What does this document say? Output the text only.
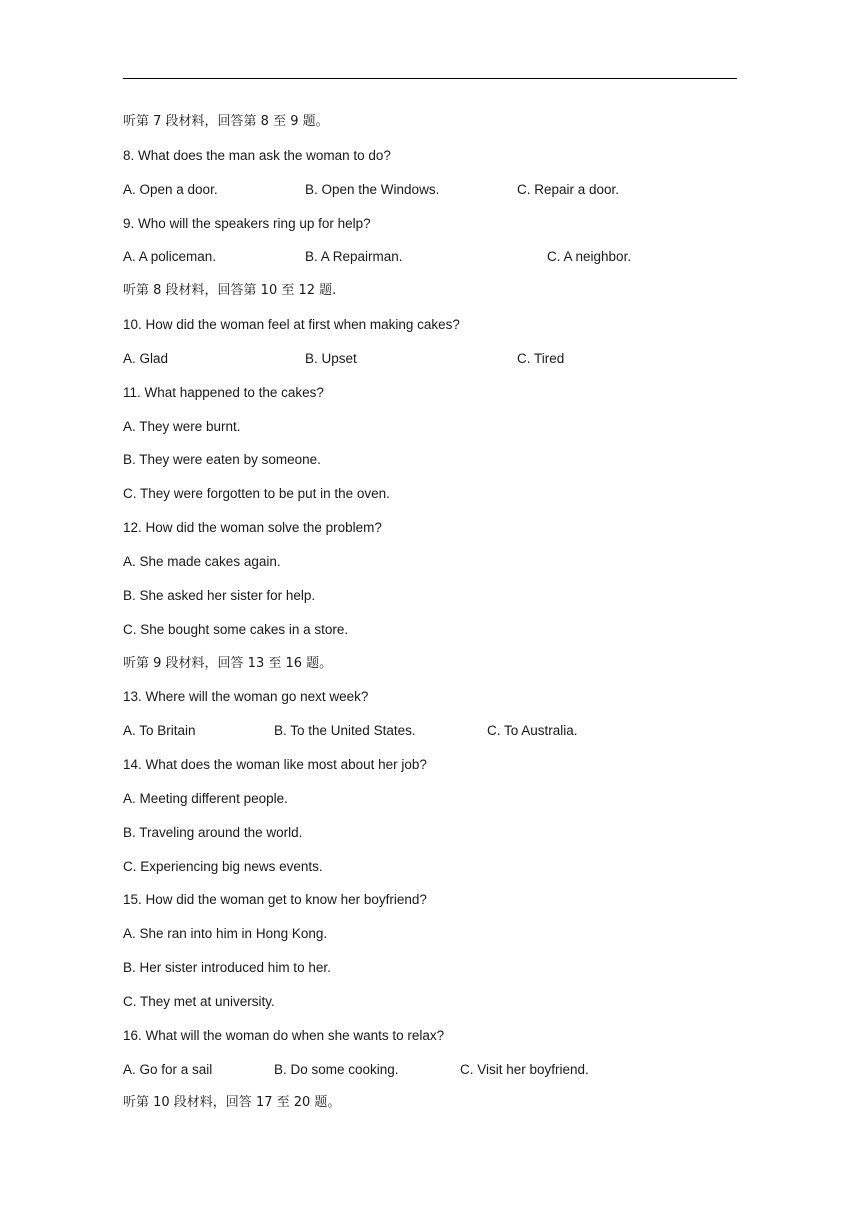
听第 7 段材料，回答第 8 至 9 题。
8. What does the man ask the woman to do?
A. Open a door.	B. Open the Windows.	C. Repair a door.
9. Who will the speakers ring up for help?
A. A policeman.	B. A Repairman.	C. A neighbor.
听第 8 段材料，回答第 10 至 12 题.
10. How did the woman feel at first when making cakes?
A. Glad	B. Upset	C. Tired
11. What happened to the cakes?
A. They were burnt.
B. They were eaten by someone.
C. They were forgotten to be put in the oven.
12. How did the woman solve the problem?
A. She made cakes again.
B. She asked her sister for help.
C. She bought some cakes in a store.
听第 9 段材料，回答 13 至 16 题。
13. Where will the woman go next week?
A. To Britain	B. To the United States.	C. To Australia.
14. What does the woman like most about her job?
A. Meeting different people.
B. Traveling around the world.
C. Experiencing big news events.
15. How did the woman get to know her boyfriend?
A. She ran into him in Hong Kong.
B. Her sister introduced him to her.
C. They met at university.
16. What will the woman do when she wants to relax?
A. Go for a sail	B. Do some cooking.	C. Visit her boyfriend.
听第 10 段材料，回答 17 至 20 题。
